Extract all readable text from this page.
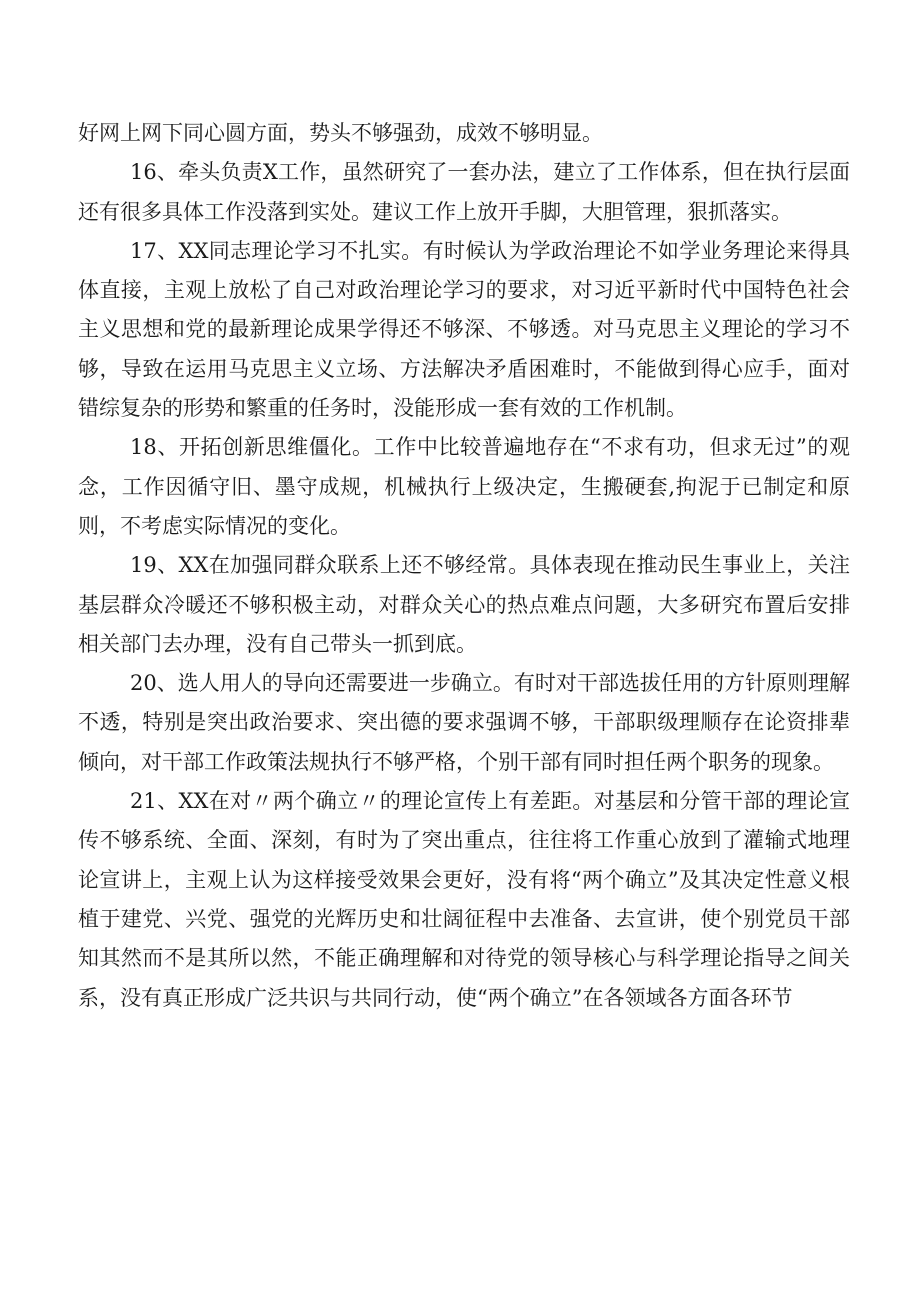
好网上网下同心圆方面，势头不够强劲，成效不够明显。

16、牵头负责X工作，虽然研究了一套办法，建立了工作体系，但在执行层面还有很多具体工作没落到实处。建议工作上放开手脚，大胆管理，狠抓落实。

17、XX同志理论学习不扎实。有时候认为学政治理论不如学业务理论来得具体直接，主观上放松了自己对政治理论学习的要求，对习近平新时代中国特色社会主义思想和党的最新理论成果学得还不够深、不够透。对马克思主义理论的学习不够，导致在运用马克思主义立场、方法解决矛盾困难时，不能做到得心应手，面对错综复杂的形势和繁重的任务时，没能形成一套有效的工作机制。

18、开拓创新思维僵化。工作中比较普遍地存在“不求有功，但求无过”的观念，工作因循守旧、墨守成规，机械执行上级决定，生搬硬套,拘泥于已制定和原则，不考虑实际情况的变化。

19、XX在加强同群众联系上还不够经常。具体表现在推动民生事业上，关注基层群众冷暖还不够积极主动，对群众关心的热点难点问题，大多研究布置后安排相关部门去办理，没有自己带头一抓到底。

20、选人用人的导向还需要进一步确立。有时对干部选拔任用的方针原则理解不透，特别是突出政治要求、突出德的要求强调不够，干部职级理顺存在论资排辈倾向，对干部工作政策法规执行不够严格，个别干部有同时担任两个职务的现象。

21、XX在对〃两个确立〃的理论宣传上有差距。对基层和分管干部的理论宣传不够系统、全面、深刻，有时为了突出重点，往往将工作重心放到了灌输式地理论宣讲上，主观上认为这样接受效果会更好，没有将“两个确立”及其决定性意义根植于建党、兴党、强党的光辉历史和壮阔征程中去准备、去宣讲，使个别党员干部知其然而不是其所以然，不能正确理解和对待党的领导核心与科学理论指导之间关系，没有真正形成广泛共识与共同行动，使“两个确立”在各领域各方面各环节
